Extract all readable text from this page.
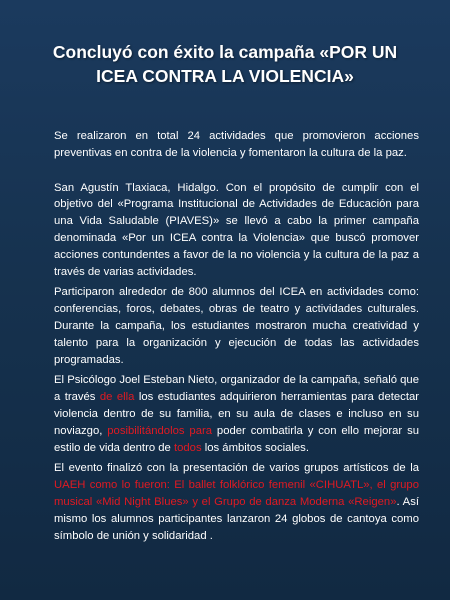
Concluyó con éxito la campaña «POR UN ICEA CONTRA LA VIOLENCIA»

Se realizaron en total 24 actividades que promovieron acciones preventivas en contra de la violencia y fomentaron la cultura de la paz.

San Agustín Tlaxiaca, Hidalgo. Con el propósito de cumplir con el objetivo del «Programa Institucional de Actividades de Educación para una Vida Saludable (PIAVES)» se llevó a cabo la primer campaña denominada «Por un ICEA contra la Violencia» que buscó promover acciones contundentes a favor de la no violencia y la cultura de la paz a través de varias actividades.

Participaron alrededor de 800 alumnos del ICEA en actividades como: conferencias, foros, debates, obras de teatro y actividades culturales. Durante la campaña, los estudiantes mostraron mucha creatividad y talento para la organización y ejecución de todas las actividades programadas.

El Psicólogo Joel Esteban Nieto, organizador de la campaña, señaló que a través de ella los estudiantes adquirieron herramientas para detectar violencia dentro de su familia, en su aula de clases e incluso en su noviazgo, posibilitándolos para poder combatirla y con ello mejorar su estilo de vida dentro de todos los ámbitos sociales.

El evento finalizó con la presentación de varios grupos artísticos de la UAEH como lo fueron: El ballet folklórico femenil «CIHUATL», el grupo musical «Mid Night Blues» y el Grupo de danza Moderna «Reigen». Así mismo los alumnos participantes lanzaron 24 globos de cantoya como símbolo de unión y solidaridad .
